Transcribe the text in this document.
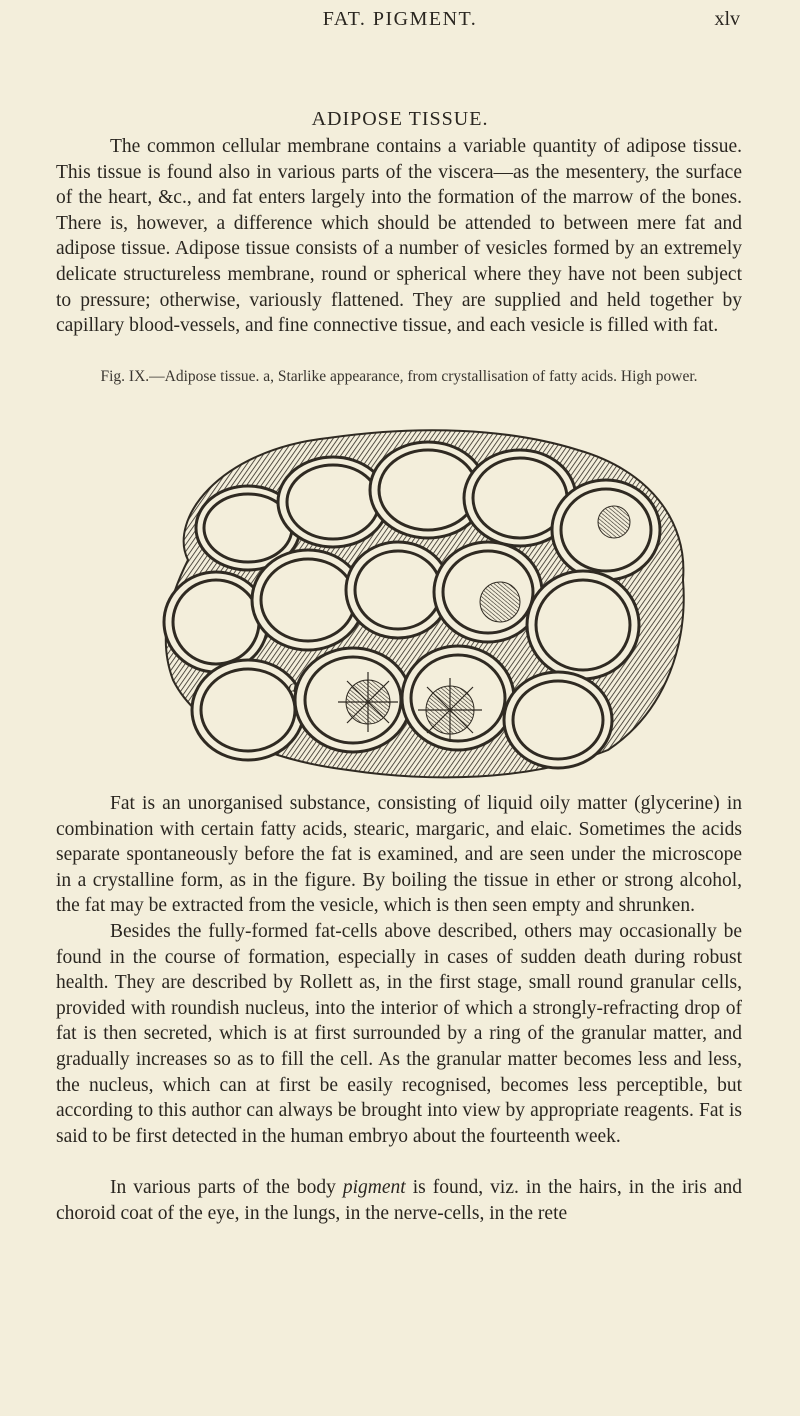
FAT. PIGMENT.	xlv
ADIPOSE TISSUE.

The common cellular membrane contains a variable quantity of adipose tissue. This tissue is found also in various parts of the viscera—as the mesentery, the surface of the heart, &c., and fat enters largely into the formation of the marrow of the bones. There is, however, a difference which should be attended to between mere fat and adipose tissue. Adipose tissue consists of a number of vesicles formed by an extremely delicate structureless membrane, round or spherical where they have not been subject to pressure; otherwise, variously flattened. They are supplied and held together by capillary blood-vessels, and fine connective tissue, and each vesicle is filled with fat.

Fig. IX.—Adipose tissue. a, Starlike appearance, from crystallisation of fatty acids. High power.

a

Fat is an unorganised substance, consisting of liquid oily matter (glycerine) in combination with certain fatty acids, stearic, margaric, and elaic. Sometimes the acids separate spontaneously before the fat is examined, and are seen under the microscope in a crystalline form, as in the figure. By boiling the tissue in ether or strong alcohol, the fat may be extracted from the vesicle, which is then seen empty and shrunken.

Besides the fully-formed fat-cells above described, others may occasionally be found in the course of formation, especially in cases of sudden death during robust health. They are described by Rollett as, in the first stage, small round granular cells, provided with roundish nucleus, into the interior of which a strongly-refracting drop of fat is then secreted, which is at first surrounded by a ring of the granular matter, and gradually increases so as to fill the cell. As the granular matter becomes less and less, the nucleus, which can at first be easily recognised, becomes less perceptible, but according to this author can always be brought into view by appropriate reagents. Fat is said to be first detected in the human embryo about the fourteenth week.

In various parts of the body pigment is found, viz. in the hairs, in the iris and choroid coat of the eye, in the lungs, in the nerve-cells, in the rete
